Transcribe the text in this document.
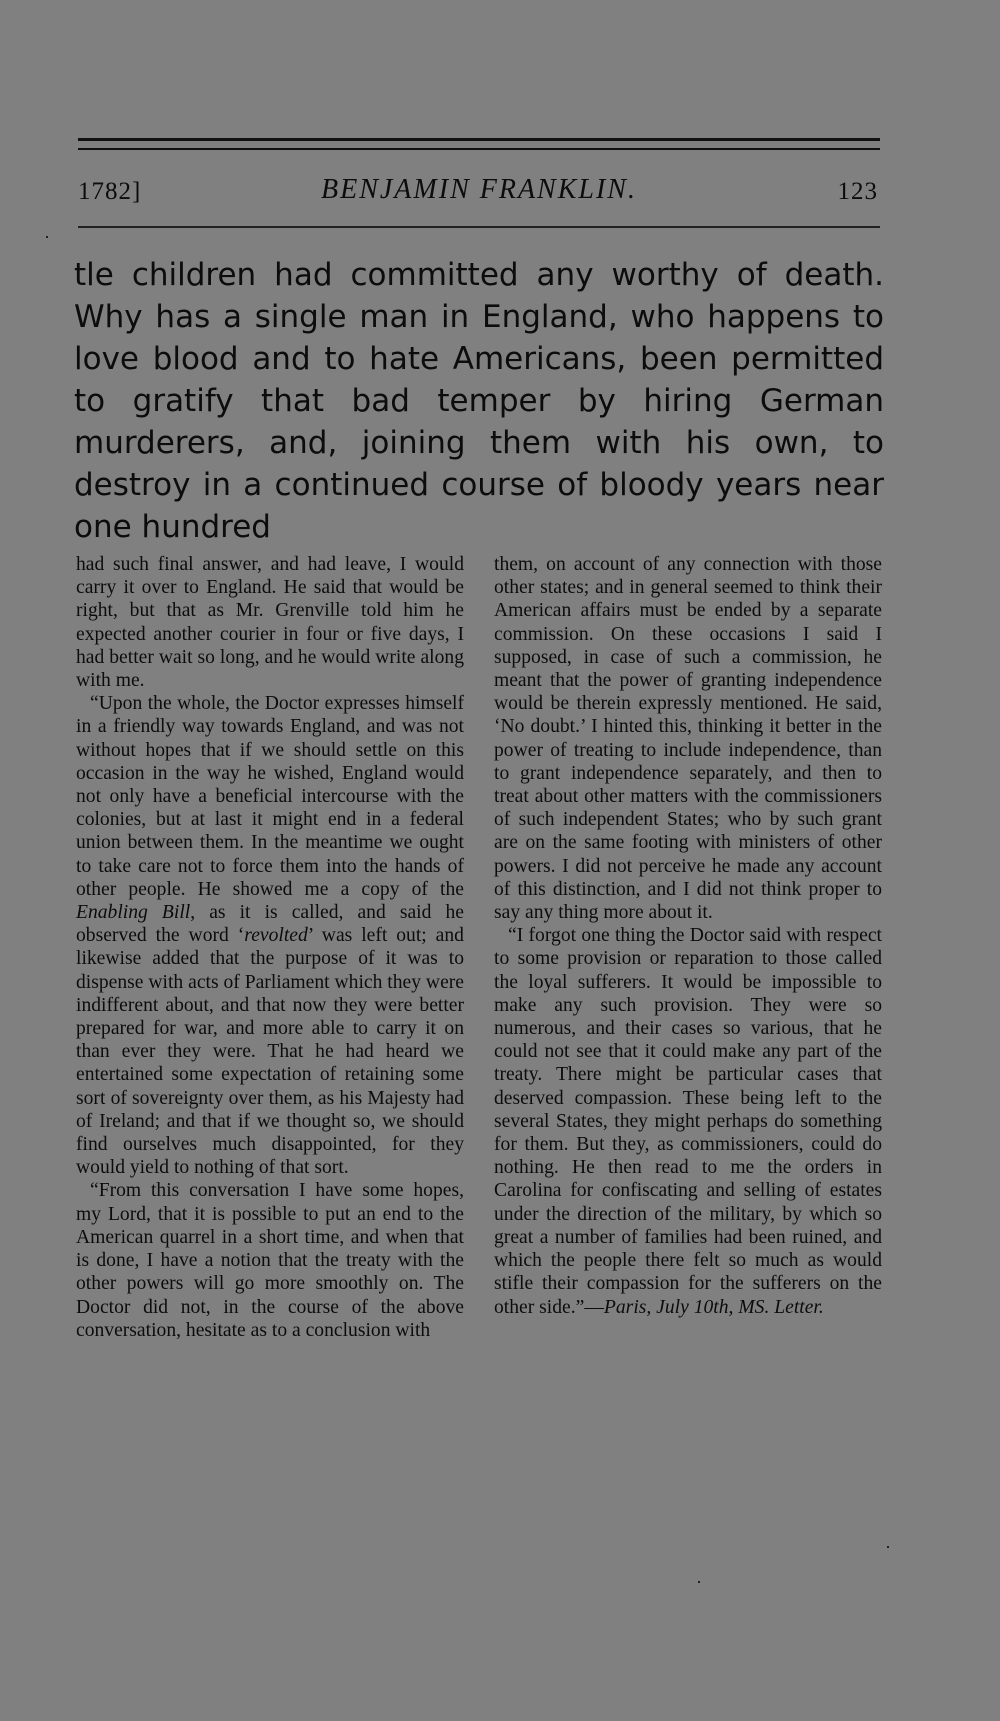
1782]	BENJAMIN FRANKLIN.	123

tle children had committed any worthy of death. Why has a single man in England, who happens to love blood and to hate Americans, been permitted to gratify that bad temper by hiring German murderers, and, joining them with his own, to destroy in a continued course of bloody years near one hundred

had such final answer, and had leave, I would carry it over to England. He said that would be right, but that as Mr. Grenville told him he expected another courier in four or five days, I had better wait so long, and he would write along with me.

“Upon the whole, the Doctor expresses himself in a friendly way towards England, and was not without hopes that if we should settle on this occasion in the way he wished, England would not only have a beneficial intercourse with the colonies, but at last it might end in a federal union between them. In the meantime we ought to take care not to force them into the hands of other people. He showed me a copy of the Enabling Bill, as it is called, and said he observed the word ‘revolted’ was left out; and likewise added that the purpose of it was to dispense with acts of Parliament which they were indifferent about, and that now they were better prepared for war, and more able to carry it on than ever they were. That he had heard we entertained some expectation of retaining some sort of sovereignty over them, as his Majesty had of Ireland; and that if we thought so, we should find ourselves much disappointed, for they would yield to nothing of that sort.

“From this conversation I have some hopes, my Lord, that it is possible to put an end to the American quarrel in a short time, and when that is done, I have a notion that the treaty with the other powers will go more smoothly on. The Doctor did not, in the course of the above conversation, hesitate as to a conclusion with

them, on account of any connection with those other states; and in general seemed to think their American affairs must be ended by a separate commission. On these occasions I said I supposed, in case of such a commission, he meant that the power of granting independence would be therein expressly mentioned. He said, ‘No doubt.’ I hinted this, thinking it better in the power of treating to include independence, than to grant independence separately, and then to treat about other matters with the commissioners of such independent States; who by such grant are on the same footing with ministers of other powers. I did not perceive he made any account of this distinction, and I did not think proper to say any thing more about it.

“I forgot one thing the Doctor said with respect to some provision or reparation to those called the loyal sufferers. It would be impossible to make any such provision. They were so numerous, and their cases so various, that he could not see that it could make any part of the treaty. There might be particular cases that deserved compassion. These being left to the several States, they might perhaps do something for them. But they, as commissioners, could do nothing. He then read to me the orders in Carolina for confiscating and selling of estates under the direction of the military, by which so great a number of families had been ruined, and which the people there felt so much as would stifle their compassion for the sufferers on the other side.”—Paris, July 10th, MS. Letter.
